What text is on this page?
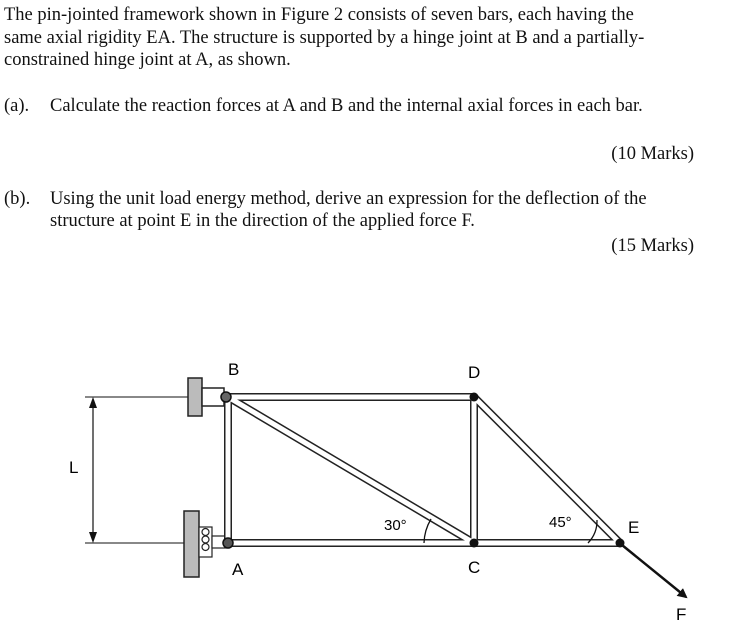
The pin-jointed framework shown in Figure 2 consists of seven bars, each having the
same axial rigidity EA. The structure is supported by a hinge joint at B and a partially-
constrained hinge joint at A, as shown.
(a). Calculate the reaction forces at A and B and the internal axial forces in each bar.
(10 Marks)
(b). Using the unit load energy method, derive an expression for the deflection of the
structure at point E in the direction of the applied force F.
(15 Marks)
B	D
L
30°	45°	E
A	C
F
